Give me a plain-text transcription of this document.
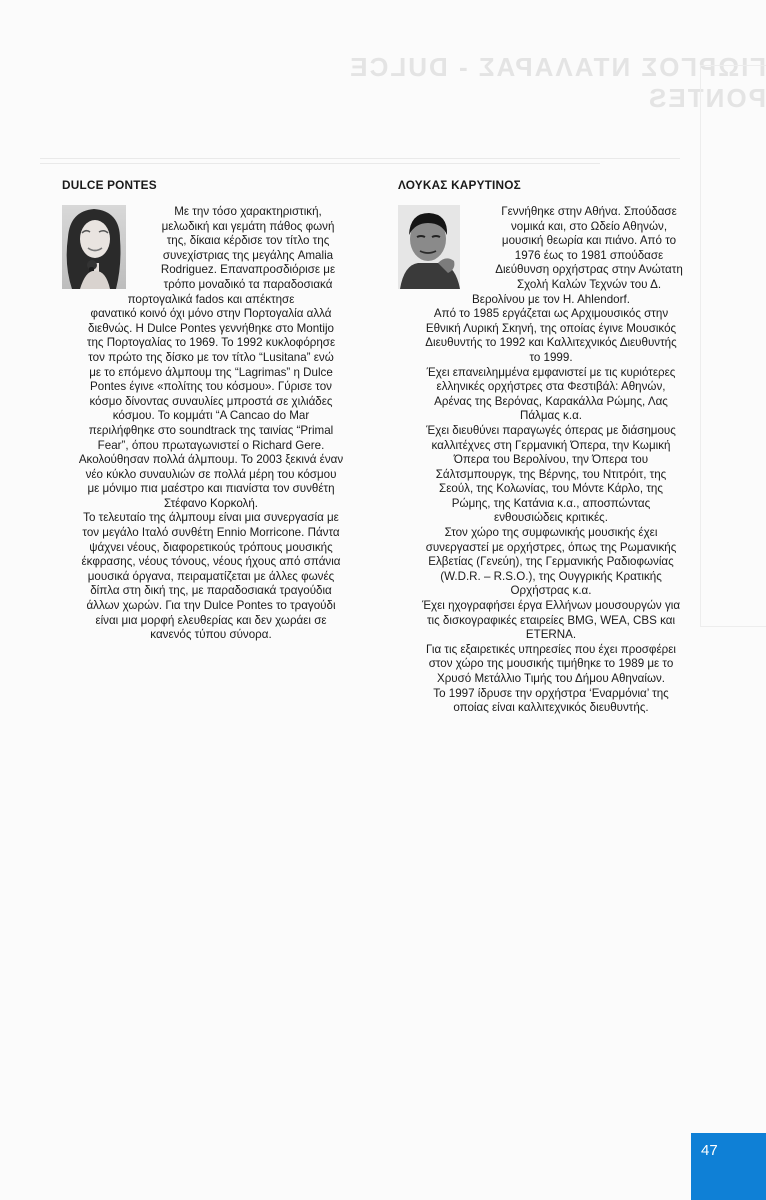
ΓΙΩΡΓΟΣ ΝΤΑΛΑΡΑΣ - DULCE PONTES
DULCE PONTES

Με την τόσο χαρακτηριστική,
μελωδική και γεμάτη πάθος φωνή
της, δίκαια κέρδισε τον τίτλο της
συνεχίστριας της μεγάλης Amalia
Rodriguez. Επαναπροσδιόρισε με
τρόπο μοναδικό τα παραδοσιακά
πορτογαλικά fados και απέκτησε
φανατικό κοινό όχι μόνο στην Πορτογαλία αλλά
διεθνώς. Η Dulce Pontes γεννήθηκε στο Montijo
της Πορτογαλίας το 1969. Το 1992 κυκλοφόρησε
τον πρώτο της δίσκο με τον τίτλο “Lusitana” ενώ
με το επόμενο άλμπουμ της “Lagrimas” η Dulce
Pontes έγινε «πολίτης του κόσμου». Γύρισε τον
κόσμο δίνοντας συναυλίες μπροστά σε χιλιάδες
κόσμου. Το κομμάτι “A Cancao do Mar
περιλήφθηκε στο soundtrack της ταινίας “Primal
Fear”, όπου πρωταγωνιστεί ο Richard Gere.
Ακολούθησαν πολλά άλμπουμ. Το 2003 ξεκινά έναν
νέο κύκλο συναυλιών σε πολλά μέρη του κόσμου
με μόνιμο πια μαέστρο και πιανίστα τον συνθέτη
Στέφανο Κορκολή.

Το τελευταίο της άλμπουμ είναι μια συνεργασία με
τον μεγάλο Ιταλό συνθέτη Ennio Morricone. Πάντα
ψάχνει νέους, διαφορετικούς τρόπους μουσικής
έκφρασης, νέους τόνους, νέους ήχους από σπάνια
μουσικά όργανα, πειραματίζεται με άλλες φωνές
δίπλα στη δική της, με παραδοσιακά τραγούδια
άλλων χωρών. Για την Dulce Pontes το τραγούδι
είναι μια μορφή ελευθερίας και δεν χωράει σε
κανενός τύπου σύνορα.

ΛΟΥΚΑΣ ΚΑΡΥΤΙΝΟΣ

Γεννήθηκε στην Αθήνα. Σπούδασε
νομικά και, στο Ωδείο Αθηνών,
μουσική θεωρία και πιάνο. Από το
1976 έως το 1981 σπούδασε
Διεύθυνση ορχήστρας στην Ανώτατη
Σχολή Καλών Τεχνών του Δ.
Βερολίνου με τον H. Ahlendorf.
Από το 1985 εργάζεται ως Αρχιμουσικός στην
Εθνική Λυρική Σκηνή, της οποίας έγινε Μουσικός
Διευθυντής το 1992 και Καλλιτεχνικός Διευθυντής
το 1999.

Έχει επανειλημμένα εμφανιστεί με τις κυριότερες
ελληνικές ορχήστρες στα Φεστιβάλ: Αθηνών,
Αρένας της Βερόνας, Καρακάλλα Ρώμης, Λας
Πάλμας κ.α.

Έχει διευθύνει παραγωγές όπερας με διάσημους
καλλιτέχνες στη Γερμανική Όπερα, την Κωμική
Όπερα του Βερολίνου, την Όπερα του
Σάλτσμπουργκ, της Βέρνης, του Ντιτρόιτ, της
Σεούλ, της Κολωνίας, του Μόντε Κάρλο, της
Ρώμης, της Κατάνια κ.α., αποσπώντας
ενθουσιώδεις κριτικές.

Στον χώρο της συμφωνικής μουσικής έχει
συνεργαστεί με ορχήστρες, όπως της Ρωμανικής
Ελβετίας (Γενεύη), της Γερμανικής Ραδιοφωνίας
(W.D.R. – R.S.O.), της Ουγγρικής Κρατικής
Ορχήστρας κ.α.

Έχει ηχογραφήσει έργα Ελλήνων μουσουργών για
τις δισκογραφικές εταιρείες BMG, WEA, CBS και
ETERNA.

Για τις εξαιρετικές υπηρεσίες που έχει προσφέρει
στον χώρο της μουσικής τιμήθηκε το 1989 με το
Χρυσό Μετάλλιο Τιμής του Δήμου Αθηναίων.

Το 1997 ίδρυσε την ορχήστρα ‘Εναρμόνια’ της
οποίας είναι καλλιτεχνικός διευθυντής.

47
